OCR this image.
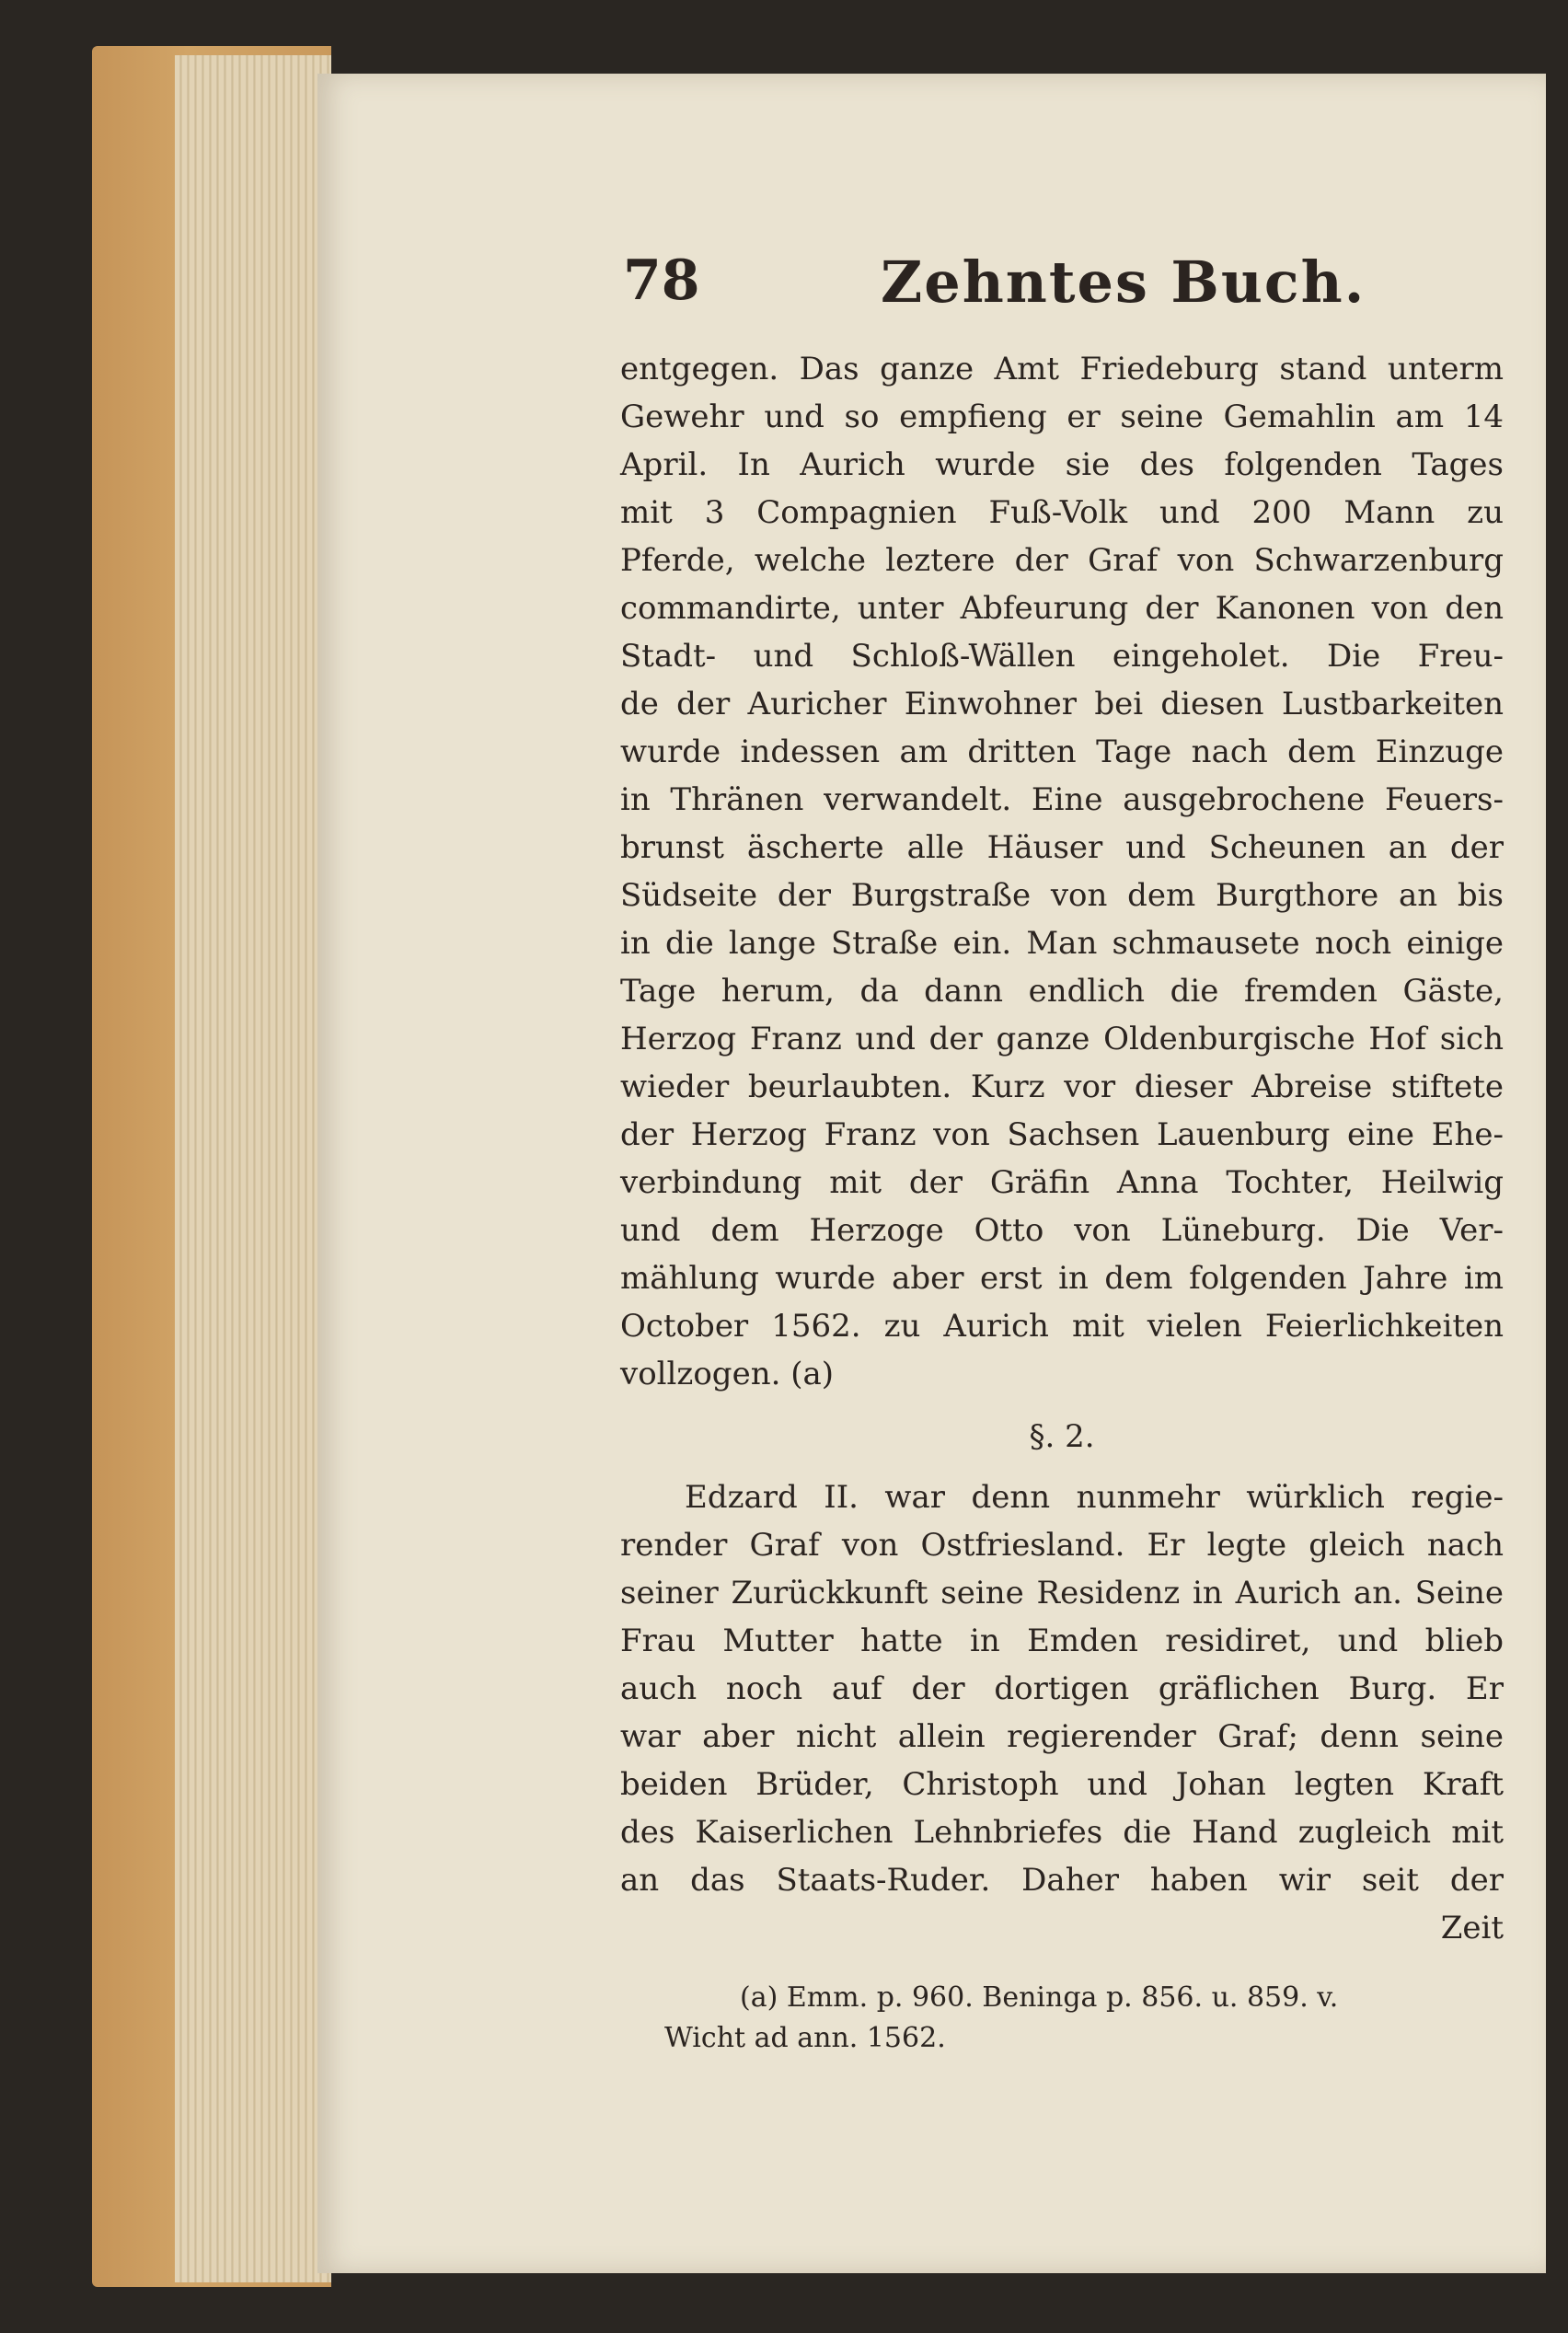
78	Zehntes Buch.
entgegen. Das ganze Amt Friedeburg stand unterm
Gewehr und so empfieng er seine Gemahlin am 14
April. In Aurich wurde sie des folgenden Tages
mit 3 Compagnien Fuß-Volk und 200 Mann zu
Pferde, welche leztere der Graf von Schwarzenburg
commandirte, unter Abfeurung der Kanonen von den
Stadt- und Schloß-Wällen eingeholet. Die Freu-
de der Auricher Einwohner bei diesen Lustbarkeiten
wurde indessen am dritten Tage nach dem Einzuge
in Thränen verwandelt. Eine ausgebrochene Feuers-
brunst äscherte alle Häuser und Scheunen an der
Südseite der Burgstraße von dem Burgthore an bis
in die lange Straße ein. Man schmausete noch einige
Tage herum, da dann endlich die fremden Gäste,
Herzog Franz und der ganze Oldenburgische Hof sich
wieder beurlaubten. Kurz vor dieser Abreise stiftete
der Herzog Franz von Sachsen Lauenburg eine Ehe-
verbindung mit der Gräfin Anna Tochter, Heilwig
und dem Herzoge Otto von Lüneburg. Die Ver-
mählung wurde aber erst in dem folgenden Jahre im
October 1562. zu Aurich mit vielen Feierlichkeiten
vollzogen. (a)
§. 2.
Edzard II. war denn nunmehr würklich regie-
render Graf von Ostfriesland. Er legte gleich nach
seiner Zurückkunft seine Residenz in Aurich an. Seine
Frau Mutter hatte in Emden residiret, und blieb
auch noch auf der dortigen gräflichen Burg. Er
war aber nicht allein regierender Graf; denn seine
beiden Brüder, Christoph und Johan legten Kraft
des Kaiserlichen Lehnbriefes die Hand zugleich mit
an das Staats-Ruder. Daher haben wir seit der
Zeit
(a) Emm. p. 960. Beninga p. 856. u. 859. v.
Wicht ad ann. 1562.
